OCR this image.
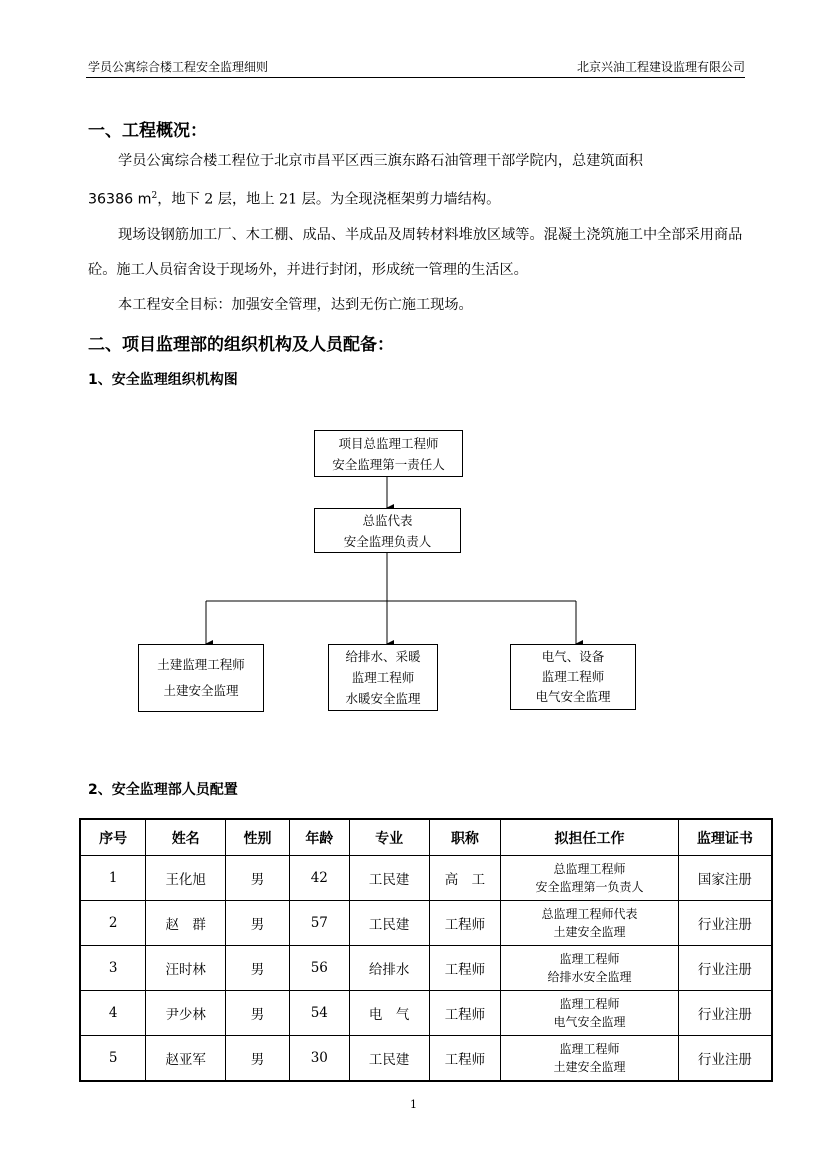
学员公寓综合楼工程安全监理细则	北京兴油工程建设监理有限公司
一、工程概况：
学员公寓综合楼工程位于北京市昌平区西三旗东路石油管理干部学院内，总建筑面积
36386 $m^2$，地下 2 层，地上 21 层。为全现浇框架剪力墙结构。
现场设钢筋加工厂、木工棚、成品、半成品及周转材料堆放区域等。混凝土浇筑施工中全部采用商品砼。施工人员宿舍设于现场外，并进行封闭，形成统一管理的生活区。
本工程安全目标：加强安全管理，达到无伤亡施工现场。
二、项目监理部的组织机构及人员配备：
1、安全监理组织机构图
项目总监理工程师
安全监理第一责任人
总监代表
安全监理负责人
土建监理工程师
土建安全监理
给排水、采暖
监理工程师
水暖安全监理
电气、设备
监理工程师
电气安全监理
2、安全监理部人员配置
序号	姓名	性别	年龄	专业	职称	拟担任工作	监理证书
1	王化旭	男	42	工民建	高　工	总监理工程师
安全监理第一负责人	国家注册
2	赵　群	男	57	工民建	工程师	总监理工程师代表
土建安全监理	行业注册
3	汪时林	男	56	给排水	工程师	监理工程师
给排水安全监理	行业注册
4	尹少林	男	54	电　气	工程师	监理工程师
电气安全监理	行业注册
5	赵亚军	男	30	工民建	工程师	监理工程师
土建安全监理	行业注册
1
